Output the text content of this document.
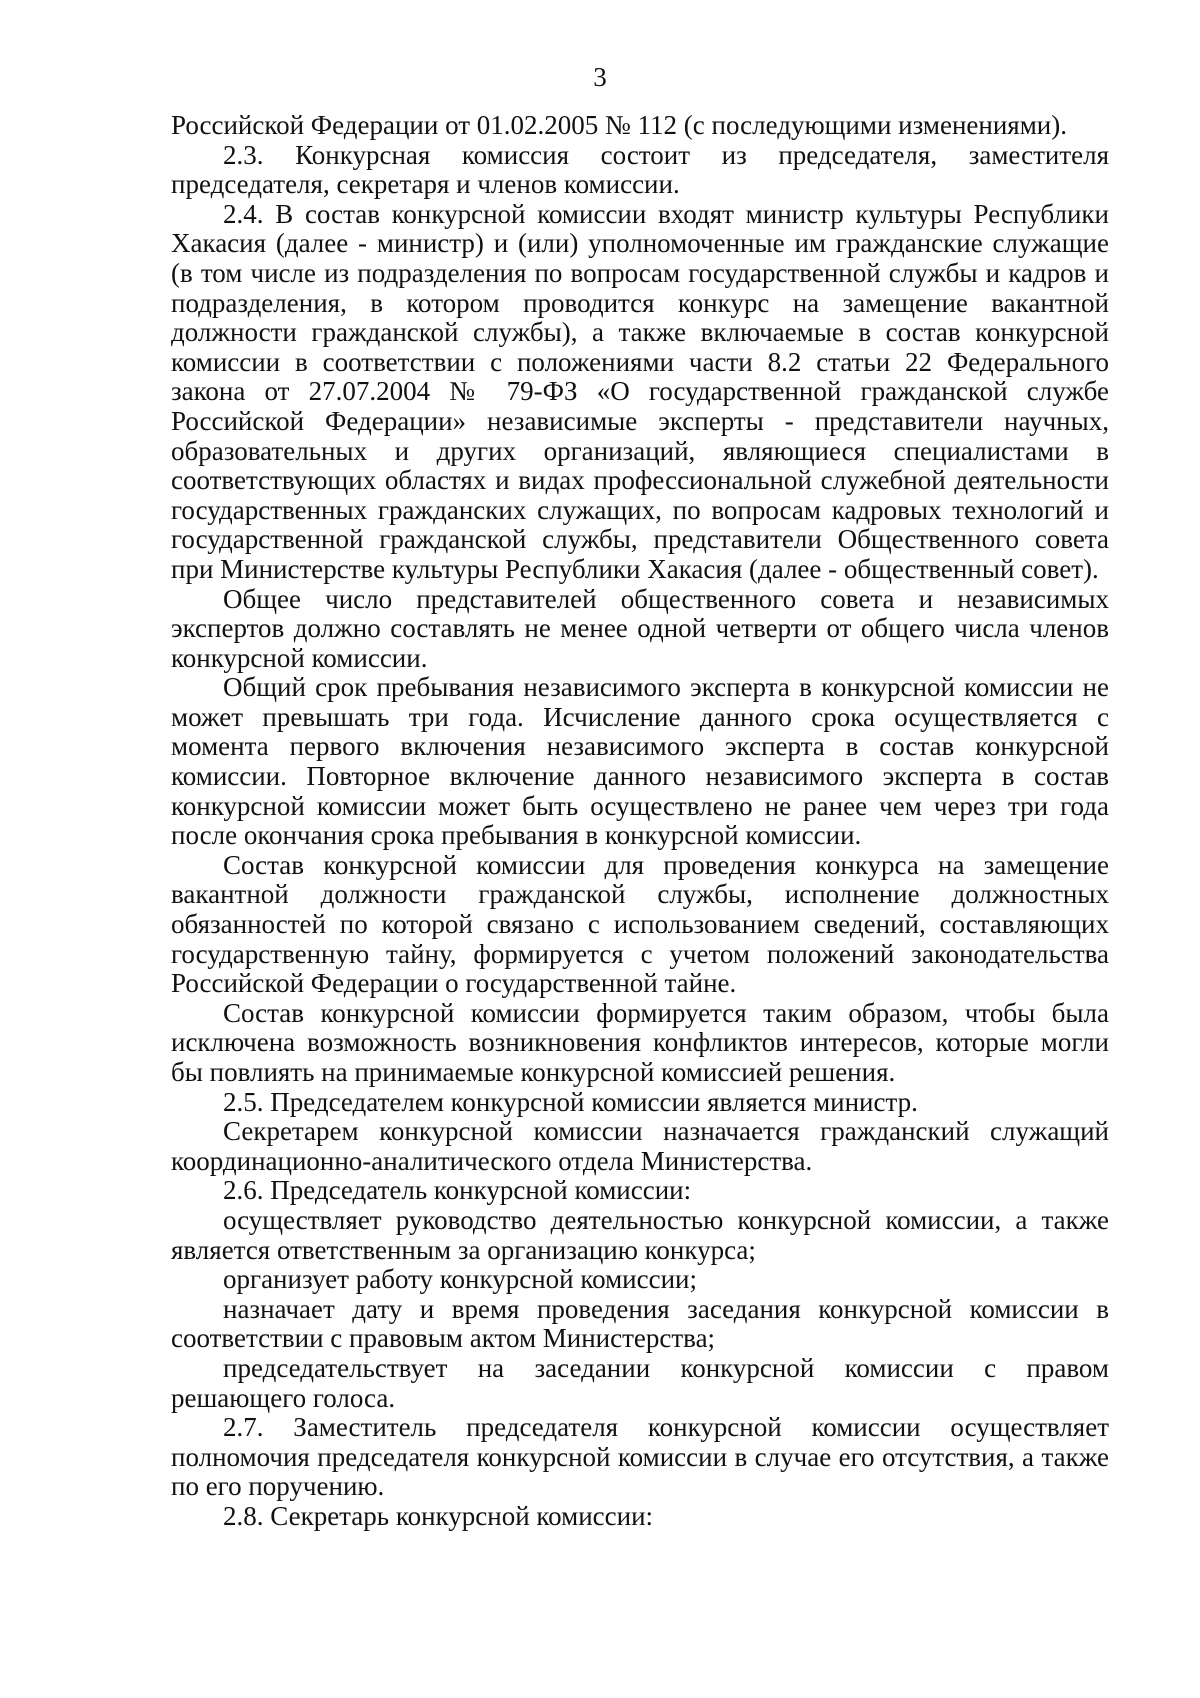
3

Российской Федерации от 01.02.2005 № 112 (с последующими изменениями).

2.3. Конкурсная комиссия состоит из председателя, заместителя председателя, секретаря и членов комиссии.

2.4. В состав конкурсной комиссии входят министр культуры Республики Хакасия (далее - министр) и (или) уполномоченные им гражданские служащие (в том числе из подразделения по вопросам государственной службы и кадров и подразделения, в котором проводится конкурс на замещение вакантной должности гражданской службы), а также включаемые в состав конкурсной комиссии в соответствии с положениями части 8.2 статьи 22 Федерального закона от 27.07.2004 № 79-ФЗ «О государственной гражданской службе Российской Федерации» независимые эксперты - представители научных, образовательных и других организаций, являющиеся специалистами в соответствующих областях и видах профессиональной служебной деятельности государственных гражданских служащих, по вопросам кадровых технологий и государственной гражданской службы, представители Общественного совета при Министерстве культуры Республики Хакасия (далее - общественный совет).

Общее число представителей общественного совета и независимых экспертов должно составлять не менее одной четверти от общего числа членов конкурсной комиссии.

Общий срок пребывания независимого эксперта в конкурсной комиссии не может превышать три года. Исчисление данного срока осуществляется с момента первого включения независимого эксперта в состав конкурсной комиссии. Повторное включение данного независимого эксперта в состав конкурсной комиссии может быть осуществлено не ранее чем через три года после окончания срока пребывания в конкурсной комиссии.

Состав конкурсной комиссии для проведения конкурса на замещение вакантной должности гражданской службы, исполнение должностных обязанностей по которой связано с использованием сведений, составляющих государственную тайну, формируется с учетом положений законодательства Российской Федерации о государственной тайне.

Состав конкурсной комиссии формируется таким образом, чтобы была исключена возможность возникновения конфликтов интересов, которые могли бы повлиять на принимаемые конкурсной комиссией решения.

2.5. Председателем конкурсной комиссии является министр.

Секретарем конкурсной комиссии назначается гражданский служащий координационно-аналитического отдела Министерства.

2.6. Председатель конкурсной комиссии:

осуществляет руководство деятельностью конкурсной комиссии, а также является ответственным за организацию конкурса;

организует работу конкурсной комиссии;

назначает дату и время проведения заседания конкурсной комиссии в соответствии с правовым актом Министерства;

председательствует на заседании конкурсной комиссии с правом решающего голоса.

2.7. Заместитель председателя конкурсной комиссии осуществляет полномочия председателя конкурсной комиссии в случае его отсутствия, а также по его поручению.

2.8. Секретарь конкурсной комиссии:
